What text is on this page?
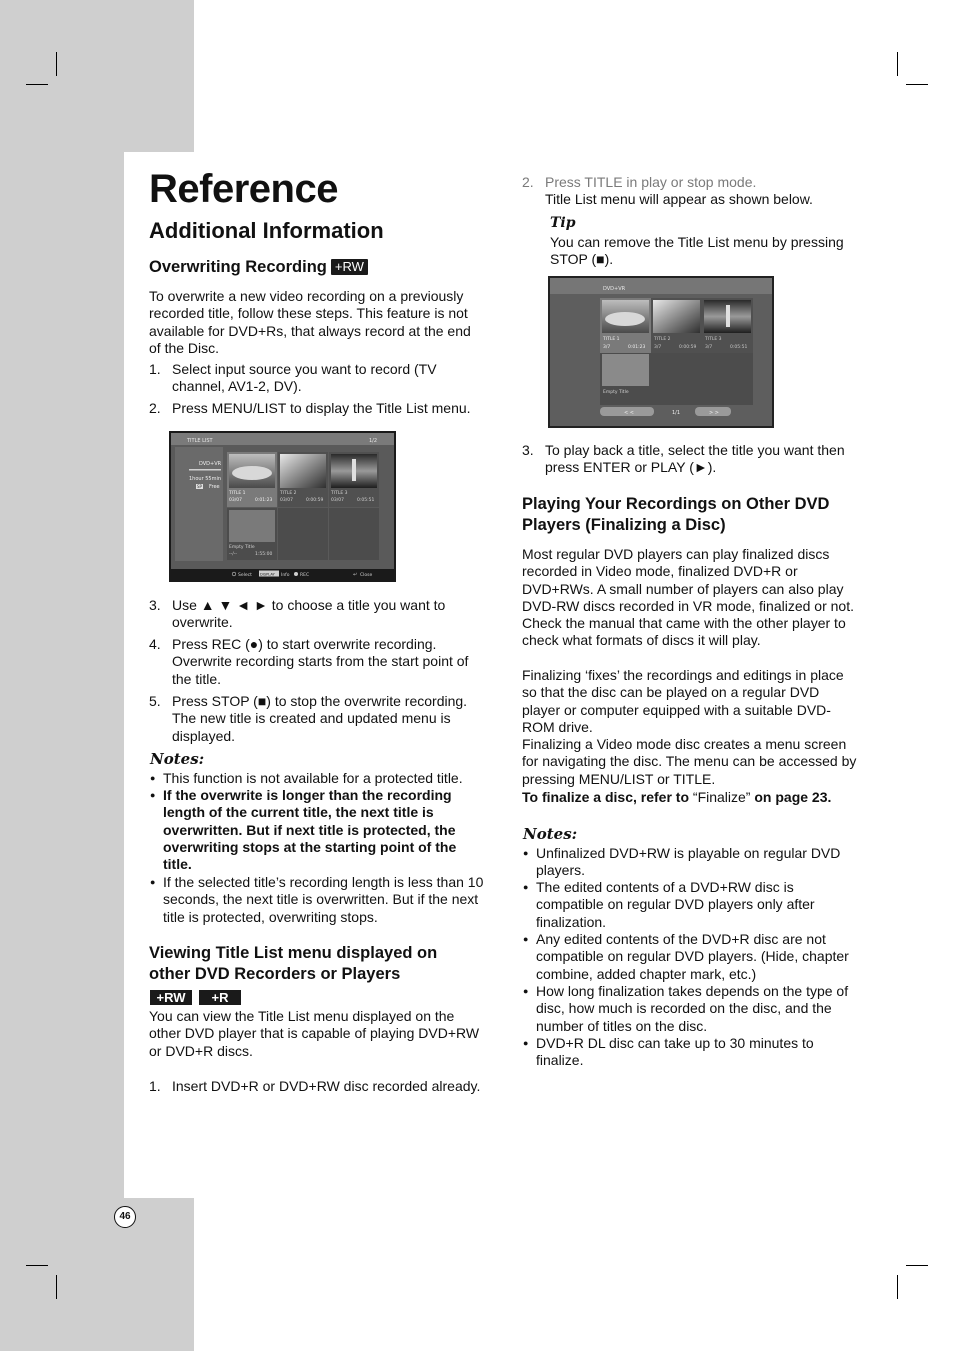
Reference
Additional Information
Overwriting Recording +RW
To overwrite a new video recording on a previously
recorded title, follow these steps. This feature is not
available for DVD+Rs, that always record at the end
of the Disc.
1. Select input source you want to record (TV
channel, AV1-2, DV).
2. Press MENU/LIST to display the Title List menu.
TITLE LIST	1/2
DVD+VR
1hour 55min
SP Free
TITLE 1
03/07	0:01:23
TITLE 2
03/07	0:00:59
TITLE 3
03/07	0:05:51
Empty Title
--/--	1:55:00
Select DISPLAY Info REC	↵ Close
3. Use ▲ ▼ ◄ ► to choose a title you want to
overwrite.
4. Press REC (●) to start overwrite recording.
Overwrite recording starts from the start point of
the title.
5. Press STOP (■) to stop the overwrite recording.
The new title is created and updated menu is
displayed.
Notes:
● This function is not available for a protected title.
● If the overwrite is longer than the recording
length of the current title, the next title is
overwritten. But if next title is protected, the
overwriting stops at the starting point of the
title.
● If the selected title’s recording length is less than 10
seconds, the next title is overwritten. But if the next
title is protected, overwriting stops.
Viewing Title List menu displayed on
other DVD Recorders or Players
+RW	+R
You can view the Title List menu displayed on the
other DVD player that is capable of playing DVD+RW
or DVD+R discs.
1. Insert DVD+R or DVD+RW disc recorded already.
46
2. Press TITLE in play or stop mode.
Title List menu will appear as shown below.
Tip
You can remove the Title List menu by pressing
STOP (■).
DVD+VR
TITLE 1
3/7	0:01:23
TITLE 2
3/7	0:00:59
TITLE 3
3/7	0:05:51
Empty Title
< <	1/1	> >
3. To play back a title, select the title you want then
press ENTER or PLAY (►).
Playing Your Recordings on Other DVD
Players (Finalizing a Disc)
Most regular DVD players can play finalized discs
recorded in Video mode, finalized DVD+R or
DVD+RWs. A small number of players can also play
DVD-RW discs recorded in VR mode, finalized or not.
Check the manual that came with the other player to
check what formats of discs it will play.
Finalizing ‘fixes’ the recordings and editings in place
so that the disc can be played on a regular DVD
player or computer equipped with a suitable DVD-
ROM drive.
Finalizing a Video mode disc creates a menu screen
for navigating the disc. The menu can be accessed by
pressing MENU/LIST or TITLE.
To finalize a disc, refer to “Finalize” on page 23.
Notes:
● Unfinalized DVD+RW is playable on regular DVD
players.
● The edited contents of a DVD+RW disc is
compatible on regular DVD players only after
finalization.
● Any edited contents of the DVD+R disc are not
compatible on regular DVD players. (Hide, chapter
combine, added chapter mark, etc.)
● How long finalization takes depends on the type of
disc, how much is recorded on the disc, and the
number of titles on the disc.
● DVD+R DL disc can take up to 30 minutes to
finalize.
